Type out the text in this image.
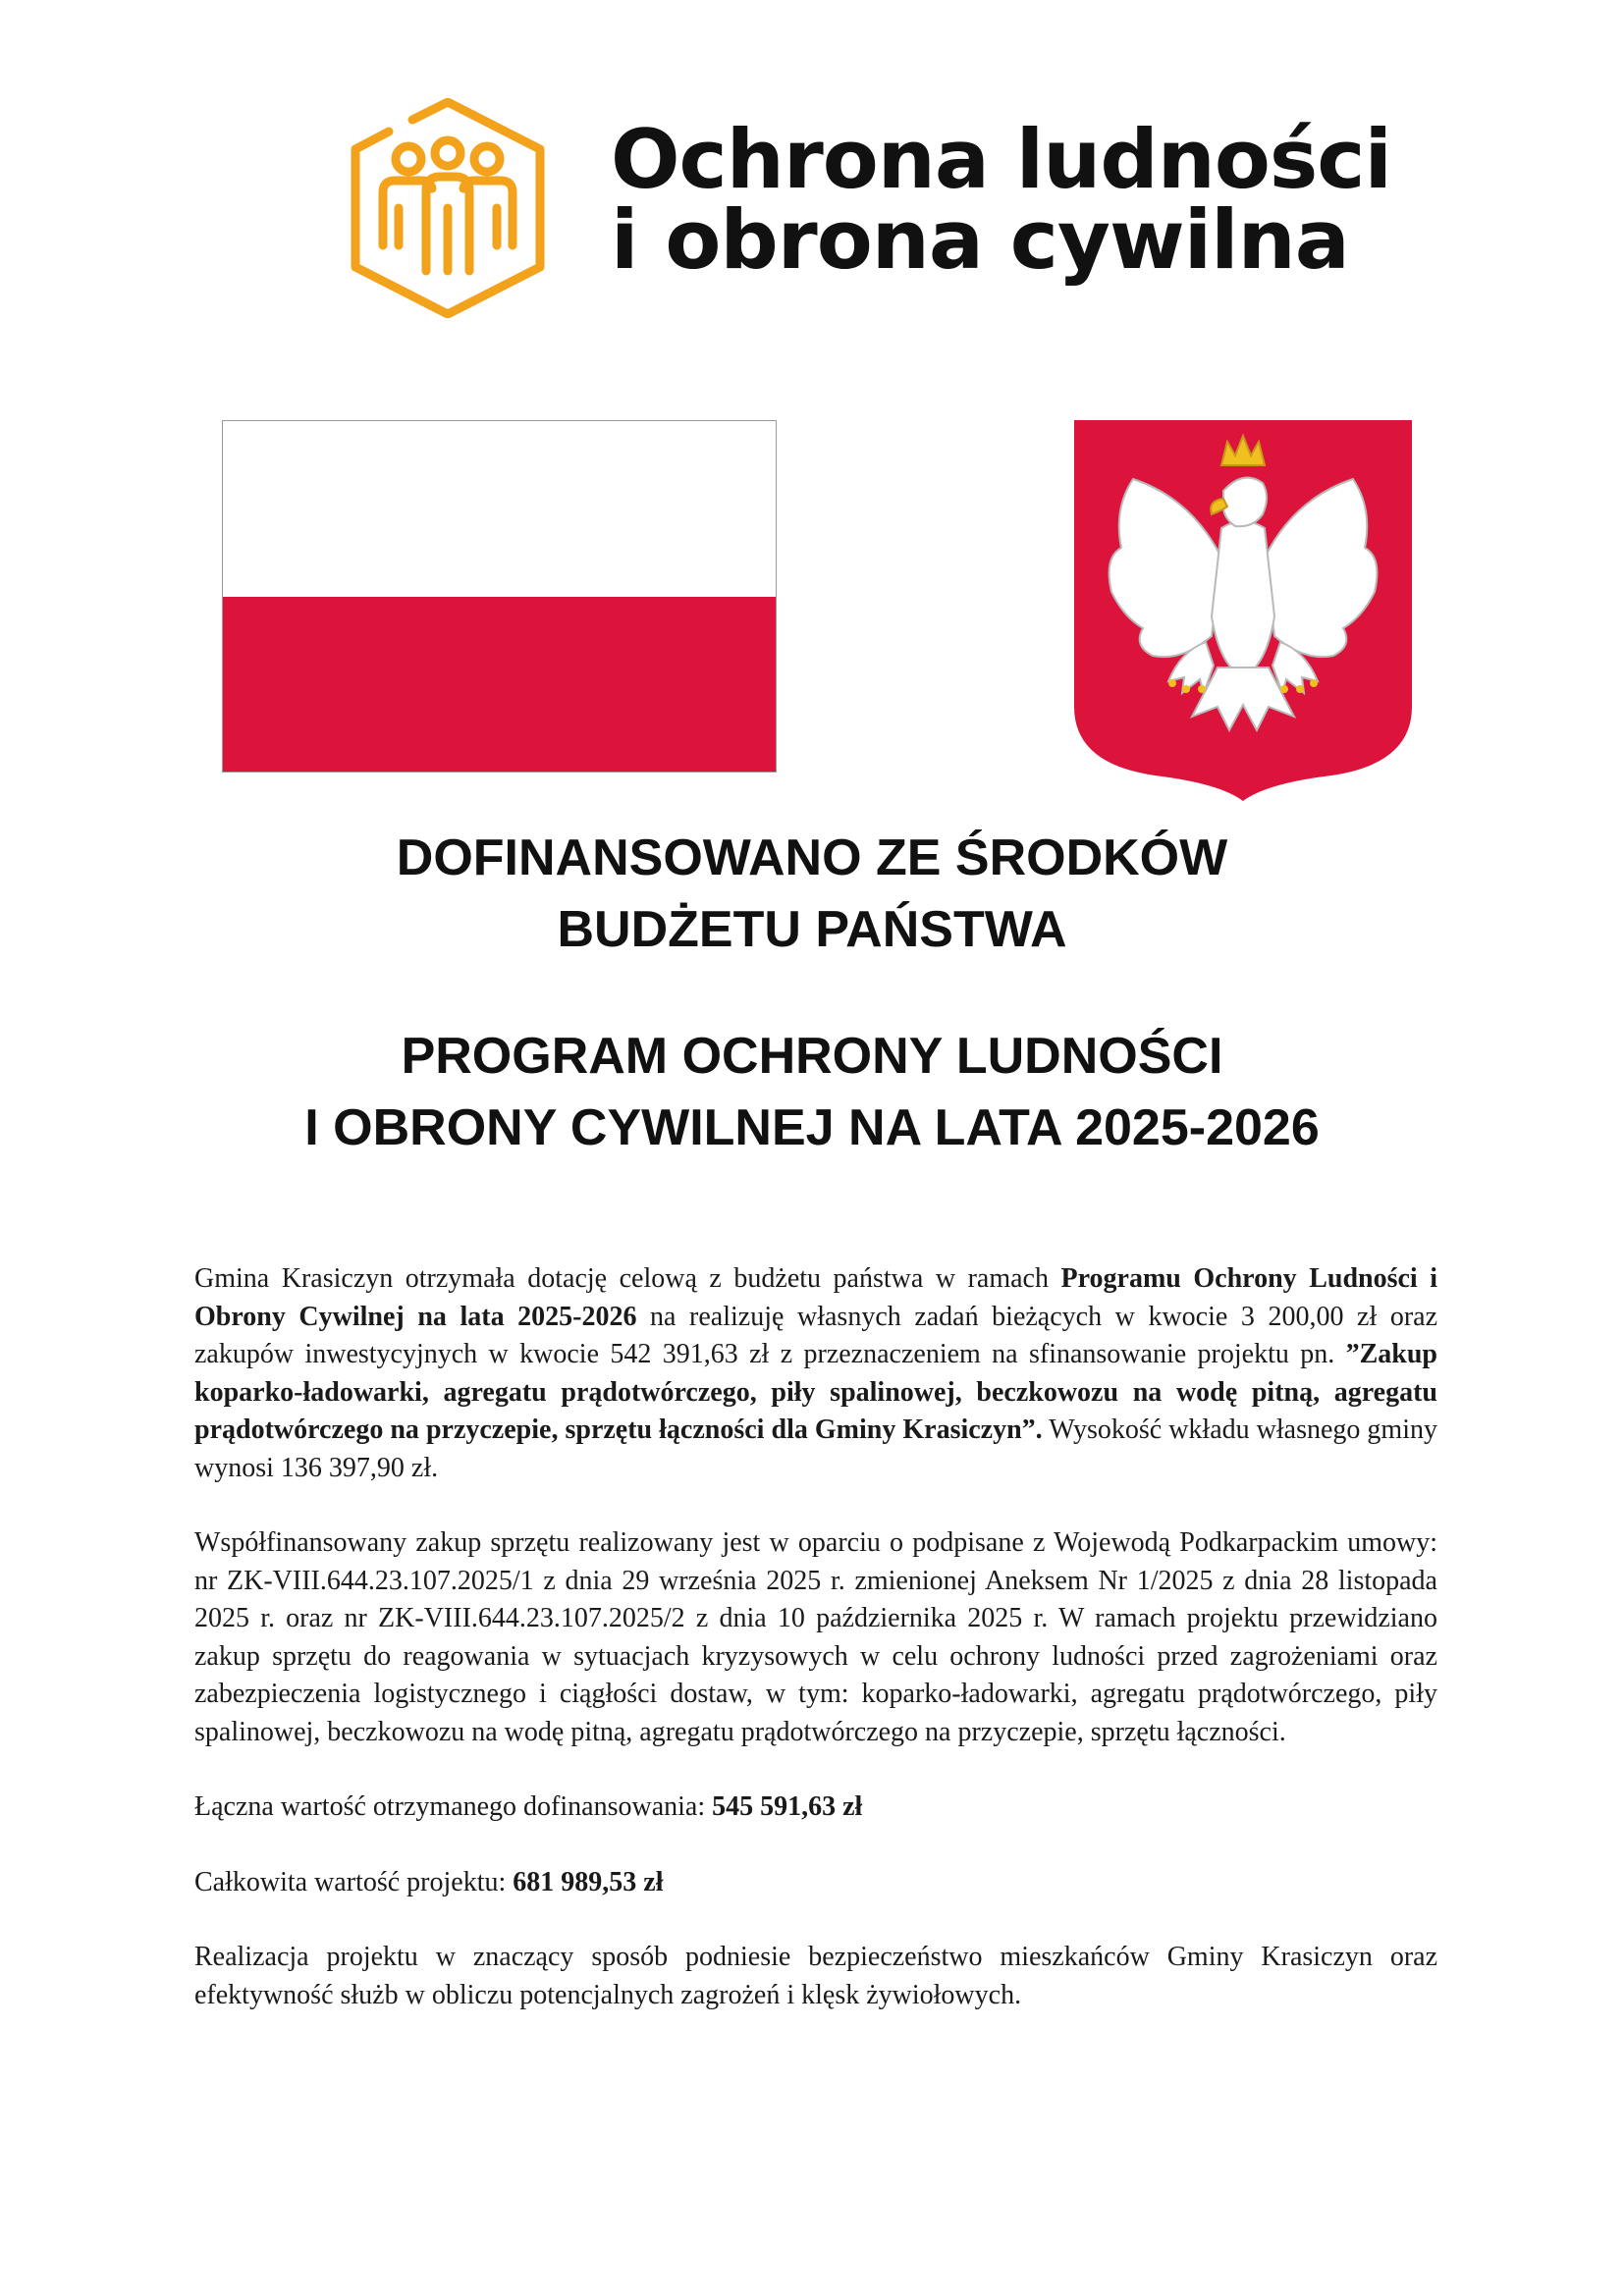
Ochrona ludności
i obrona cywilna
DOFINANSOWANO ZE ŚRODKÓW
BUDŻETU PAŃSTWA
PROGRAM OCHRONY LUDNOŚCI
I OBRONY CYWILNEJ NA LATA 2025-2026

Gmina Krasiczyn otrzymała dotację celową z budżetu państwa w ramach Programu Ochrony Ludności i Obrony Cywilnej na lata 2025-2026 na realizuję własnych zadań bieżących w kwocie 3 200,00 zł oraz zakupów inwestycyjnych w kwocie 542 391,63 zł z przeznaczeniem na sfinansowanie projektu pn. ”Zakup koparko-ładowarki, agregatu prądotwórczego, piły spalinowej, beczkowozu na wodę pitną, agregatu prądotwórczego na przyczepie, sprzętu łączności dla Gminy Krasiczyn”. Wysokość wkładu własnego gminy wynosi 136 397,90 zł.

Współfinansowany zakup sprzętu realizowany jest w oparciu o podpisane z Wojewodą Podkarpackim umowy: nr ZK-VIII.644.23.107.2025/1 z dnia 29 września 2025 r. zmienionej Aneksem Nr 1/2025 z dnia 28 listopada 2025 r. oraz nr ZK-VIII.644.23.107.2025/2 z dnia 10 października 2025 r. W ramach projektu przewidziano zakup sprzętu do reagowania w sytuacjach kryzysowych w celu ochrony ludności przed zagrożeniami oraz zabezpieczenia logistycznego i ciągłości dostaw, w tym: koparko-ładowarki, agregatu prądotwórczego, piły spalinowej, beczkowozu na wodę pitną, agregatu prądotwórczego na przyczepie, sprzętu łączności.

Łączna wartość otrzymanego dofinansowania: 545 591,63 zł

Całkowita wartość projektu: 681 989,53 zł

Realizacja projektu w znaczący sposób podniesie bezpieczeństwo mieszkańców Gminy Krasiczyn oraz efektywność służb w obliczu potencjalnych zagrożeń i klęsk żywiołowych.
